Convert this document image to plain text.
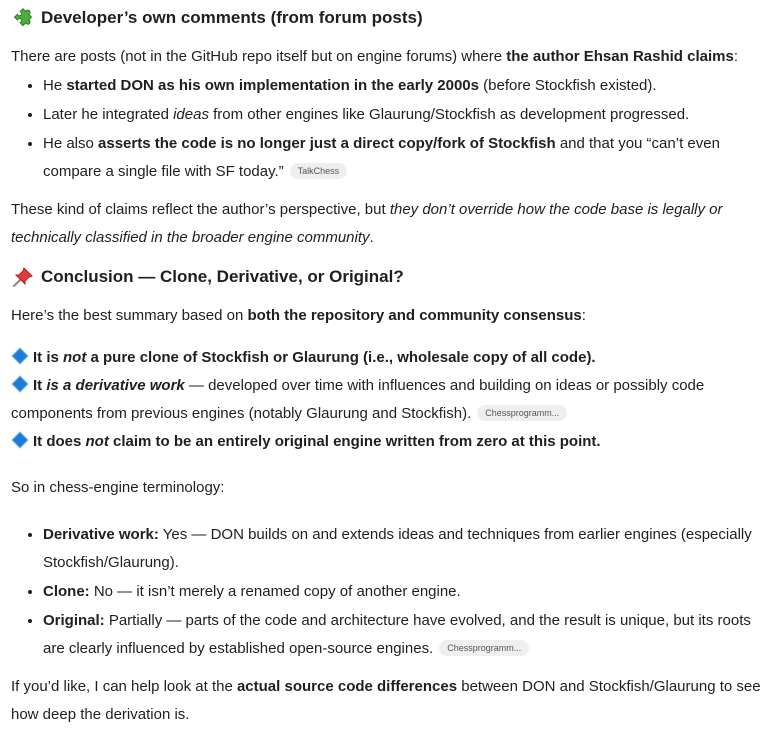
Developer’s own comments (from forum posts)

There are posts (not in the GitHub repo itself but on engine forums) where the author Ehsan Rashid claims:

• He started DON as his own implementation in the early 2000s (before Stockfish existed).
• Later he integrated ideas from other engines like Glaurung/Stockfish as development progressed.
• He also asserts the code is no longer just a direct copy/fork of Stockfish and that you “can’t even compare a single file with SF today.” TalkChess

These kind of claims reflect the author’s perspective, but they don’t override how the code base is legally or technically classified in the broader engine community.

Conclusion — Clone, Derivative, or Original?

Here’s the best summary based on both the repository and community consensus:

It is not a pure clone of Stockfish or Glaurung (i.e., wholesale copy of all code).
It is a derivative work — developed over time with influences and building on ideas or possibly code components from previous engines (notably Glaurung and Stockfish). Chessprogramm...
It does not claim to be an entirely original engine written from zero at this point.

So in chess-engine terminology:

• Derivative work: Yes — DON builds on and extends ideas and techniques from earlier engines (especially Stockfish/Glaurung).
• Clone: No — it isn’t merely a renamed copy of another engine.
• Original: Partially — parts of the code and architecture have evolved, and the result is unique, but its roots are clearly influenced by established open-source engines. Chessprogramm...

If you’d like, I can help look at the actual source code differences between DON and Stockfish/Glaurung to see how deep the derivation is.
